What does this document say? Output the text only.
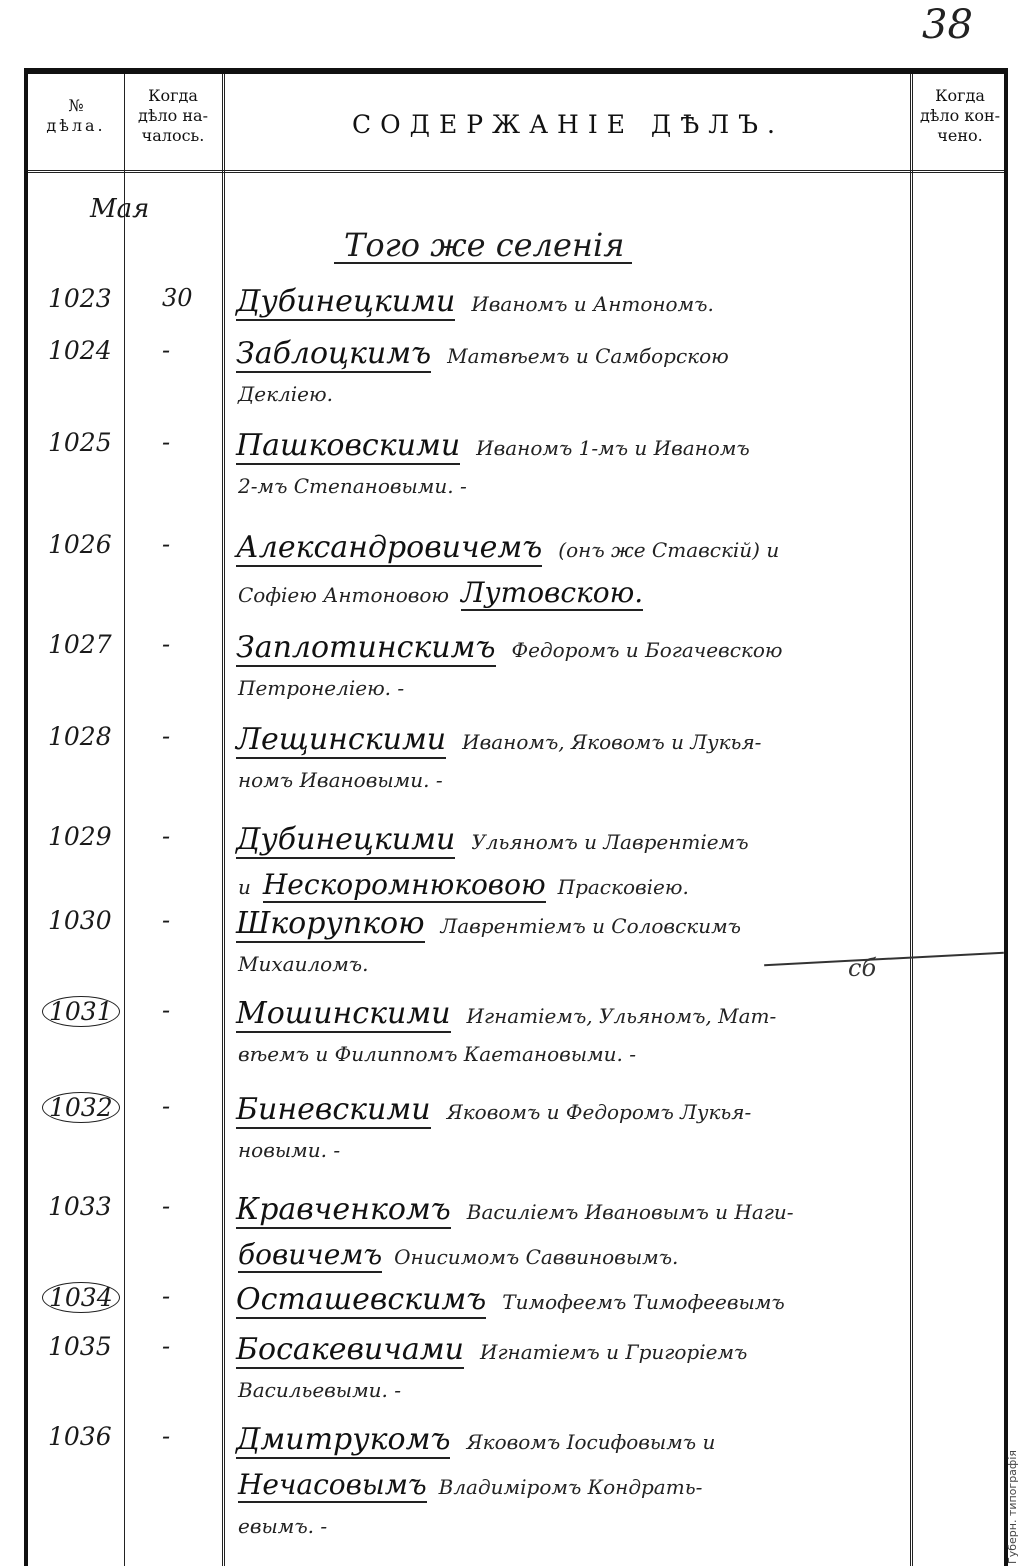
38
№
дѣла.
Когда
дѣло на-
чалось.	СОДЕРЖАНІЕ ДѢЛЪ.
Когда
дѣло кон-
чено.
Мая
Того же селенія
1023 30 Дубинецкими Иваномъ и Антономъ.
1024 - Заблоцкимъ Матвѣемъ и Самборскою
Декліею.
1025 - Пашковскими Иваномъ 1-мъ и Иваномъ
2-мъ Степановыми. -
1026 - Александровичемъ (онъ же Ставскій) и
Софіею Антоновою Лутовскою.
1027 - Заплотинскимъ Федоромъ и Богачевскою
Петронеліею. -
1028 - Лещинскими Иваномъ, Яковомъ и Лукья-
номъ Ивановыми. -
1029 - Дубинецкими Ульяномъ и Лаврентіемъ
и Нескоромнюковою Прасковіею.
1030 - Шкорупкою Лаврентіемъ и Соловскимъ
Михаиломъ.
1031 - Мошинскими Игнатіемъ, Ульяномъ, Мат-
вѣемъ и Филиппомъ Каетановыми. -
1032 - Биневскими Яковомъ и Федоромъ Лукья-
новыми. -
1033 - Кравченкомъ Василіемъ Ивановымъ и Наги-
бовичемъ Онисимомъ Саввиновымъ.
1034 - Осташевскимъ Тимофеемъ Тимофеевымъ
1035 - Босакевичами Игнатіемъ и Григоріемъ
Васильевыми. -
1036 - Дмитрукомъ Яковомъ Іосифовымъ и
Нечасовымъ Владиміромъ Кондрать-
евымъ. -
сб
Губерн. типографія
